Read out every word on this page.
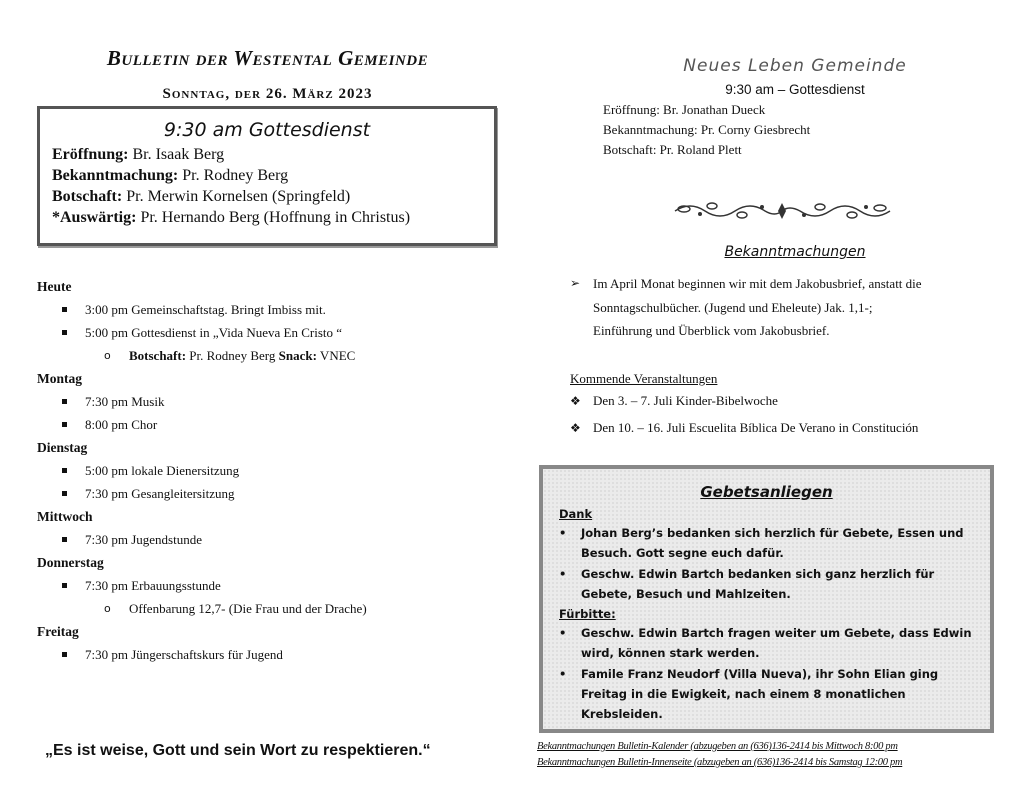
Bulletin der Westental Gemeinde
Sonntag, der 26. März 2023
9:30 am Gottesdienst
Eröffnung: Br. Isaak Berg
Bekanntmachung: Pr. Rodney Berg
Botschaft: Pr. Merwin Kornelsen (Springfeld)
*Auswärtig: Pr. Hernando Berg (Hoffnung in Christus)
Heute
3:00 pm Gemeinschaftstag. Bringt Imbiss mit.
5:00 pm Gottesdienst in „Vida Nueva En Cristo “
o Botschaft: Pr. Rodney Berg Snack: VNEC
Montag
7:30 pm Musik
8:00 pm Chor
Dienstag
5:00 pm lokale Dienersitzung
7:30 pm Gesangleitersitzung
Mittwoch
7:30 pm Jugendstunde
Donnerstag
7:30 pm Erbauungsstunde
o Offenbarung 12,7- (Die Frau und der Drache)
Freitag
7:30 pm Jüngerschaftskurs für Jugend
„Es ist weise, Gott und sein Wort zu respektieren.“
Neues Leben Gemeinde
9:30 am – Gottesdienst
Eröffnung: Br. Jonathan Dueck
Bekanntmachung: Pr. Corny Giesbrecht
Botschaft: Pr. Roland Plett
Bekanntmachungen
➢ Im April Monat beginnen wir mit dem Jakobusbrief, anstatt die
Sonntagschulbücher. (Jugend und Eheleute) Jak. 1,1-;
Einführung und Überblick vom Jakobusbrief.
Kommende Veranstaltungen
❖ Den 3. – 7. Juli Kinder-Bibelwoche
❖ Den 10. – 16. Juli Escuelita Bíblica De Verano in Constitución
Gebetsanliegen
Dank
• Johan Berg’s bedanken sich herzlich für Gebete, Essen und Besuch. Gott segne euch dafür.
• Geschw. Edwin Bartch bedanken sich ganz herzlich für Gebete, Besuch und Mahlzeiten.
Fürbitte:
• Geschw. Edwin Bartch fragen weiter um Gebete, dass Edwin wird, können stark werden.
• Famile Franz Neudorf (Villa Nueva), ihr Sohn Elian ging Freitag in die Ewigkeit, nach einem 8 monatlichen Krebsleiden.
Bekanntmachungen Bulletin-Kalender (abzugeben an (636)136-2414 bis Mittwoch 8:00 pm
Bekanntmachungen Bulletin-Innenseite (abzugeben an (636)136-2414 bis Samstag 12:00 pm
